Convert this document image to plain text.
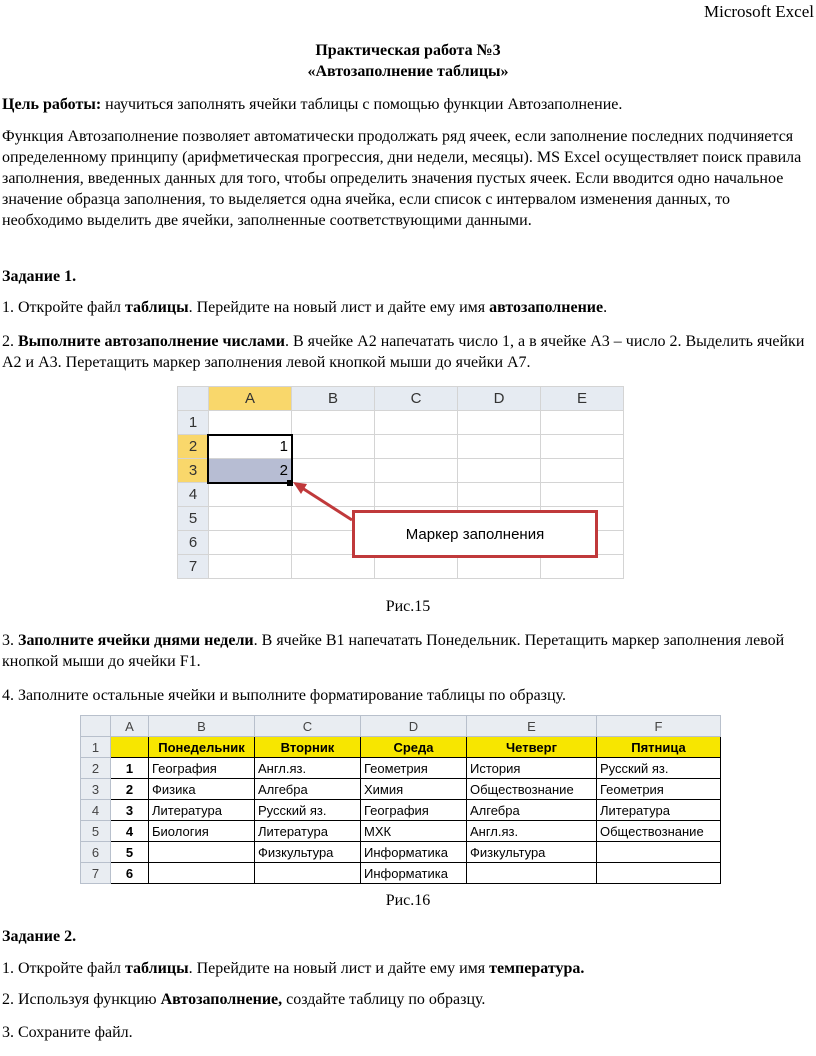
Microsoft Excel
Практическая работа №3
«Автозаполнение таблицы»
Цель работы: научиться заполнять ячейки таблицы с помощью функции Автозаполнение.
Функция Автозаполнение позволяет автоматически продолжать ряд ячеек, если заполнение последних подчиняется определенному принципу (арифметическая прогрессия, дни недели, месяцы). MS Excel осуществляет поиск правила заполнения, введенных данных для того, чтобы определить значения пустых ячеек. Если вводится одно начальное значение образца заполнения, то выделяется одна ячейка, если список с интервалом изменения данных, то необходимо выделить две ячейки, заполненные соответствующими данными.
Задание 1.
1. Откройте файл таблицы. Перейдите на новый лист и дайте ему имя автозаполнение.
2. Выполните автозаполнение числами. В ячейке А2 напечатать число 1, а в ячейке А3 – число 2. Выделить ячейки А2 и А3. Перетащить маркер заполнения левой кнопкой мыши до ячейки А7.
	A	B	C	D	E
1					
2	1				
3	2				
4					
5					
6					
7					
Маркер заполнения
Рис.15
3. Заполните ячейки днями недели. В ячейке В1 напечатать Понедельник. Перетащить маркер заполнения левой кнопкой мыши до ячейки F1.
4. Заполните остальные ячейки и выполните форматирование таблицы по образцу.
	A	B	C	D	E	F
1		Понедельник	Вторник	Среда	Четверг	Пятница
2	1	География	Англ.яз.	Геометрия	История	Русский яз.
3	2	Физика	Алгебра	Химия	Обществознание	Геометрия
4	3	Литература	Русский яз.	География	Алгебра	Литература
5	4	Биология	Литература	МХК	Англ.яз.	Обществознание
6	5		Физкультура	Информатика	Физкультура	
7	6			Информатика		
Рис.16
Задание 2.
1. Откройте файл таблицы. Перейдите на новый лист и дайте ему имя температура.
2. Используя функцию Автозаполнение, создайте таблицу по образцу.
3. Сохраните файл.
